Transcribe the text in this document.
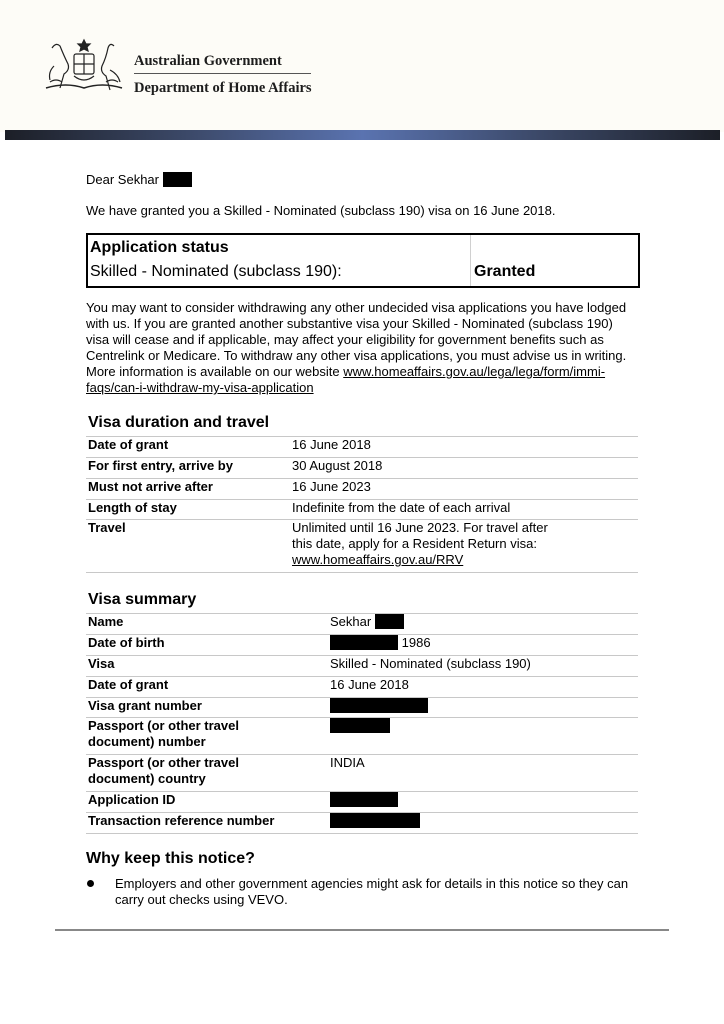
Australian Government
Department of Home Affairs
Dear Sekhar
We have granted you a Skilled - Nominated (subclass 190) visa on 16 June 2018.
Application status
Skilled - Nominated (subclass 190):	Granted
You may want to consider withdrawing any other undecided visa applications you have lodged with us. If you are granted another substantive visa your Skilled - Nominated (subclass 190) visa will cease and if applicable, may affect your eligibility for government benefits such as Centrelink or Medicare. To withdraw any other visa applications, you must advise us in writing. More information is available on our website www.homeaffairs.gov.au/lega/lega/form/immi-faqs/can-i-withdraw-my-visa-application
Visa duration and travel
Date of grant	16 June 2018
For first entry, arrive by	30 August 2018
Must not arrive after	16 June 2023
Length of stay	Indefinite from the date of each arrival
Travel	Unlimited until 16 June 2023. For travel after this date, apply for a Resident Return visa:
www.homeaffairs.gov.au/RRV
Visa summary
Name	Sekhar
Date of birth	1986
Visa	Skilled - Nominated (subclass 190)
Date of grant	16 June 2018
Visa grant number	
Passport (or other travel document) number	
Passport (or other travel document) country	INDIA
Application ID	
Transaction reference number	
Why keep this notice?
Employers and other government agencies might ask for details in this notice so they can carry out checks using VEVO.
